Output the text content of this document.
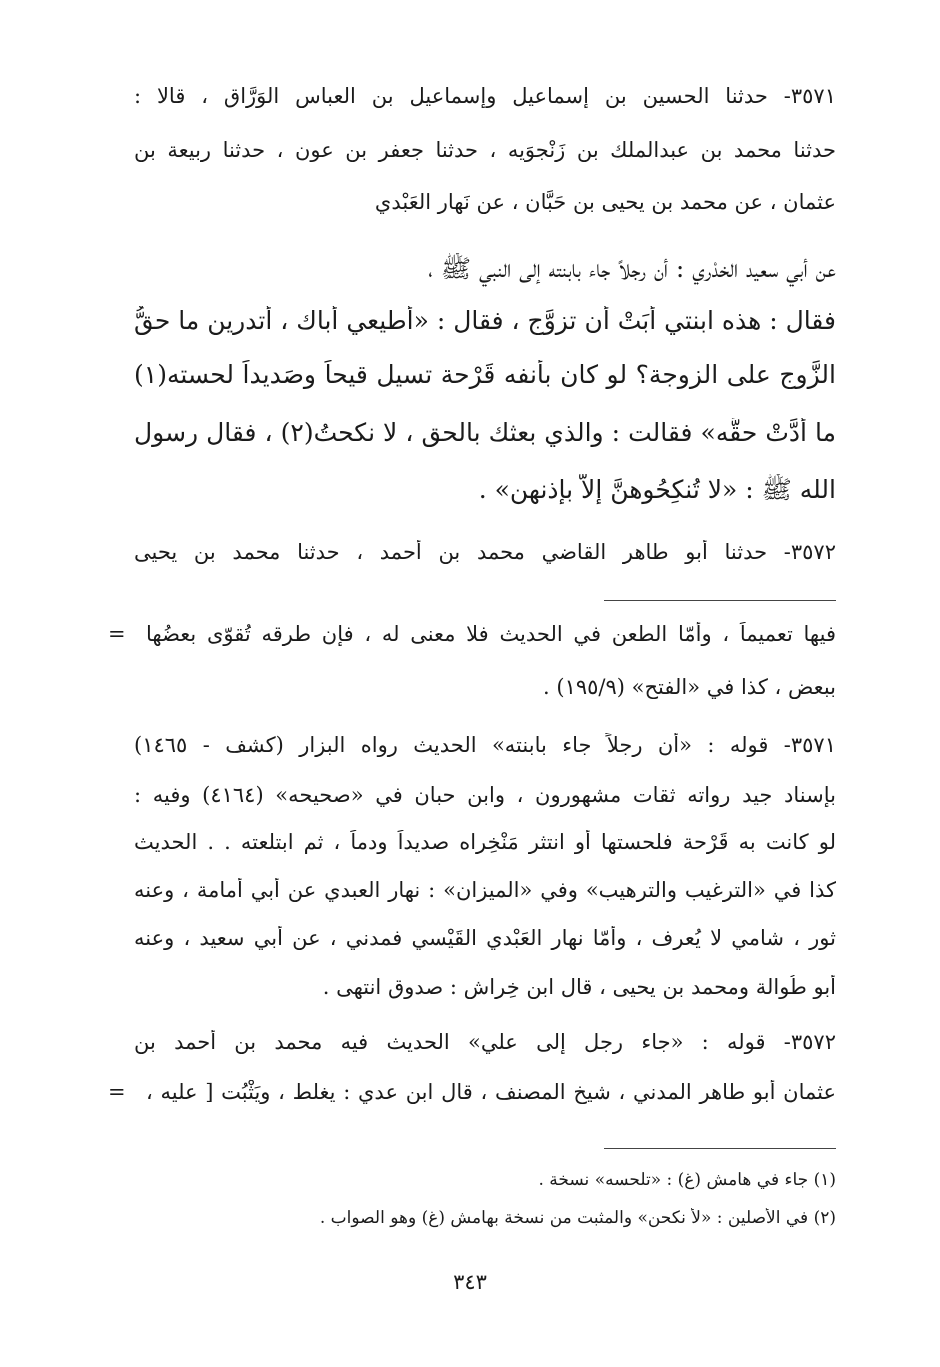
٣٥٧١- حدثنا الحسين بن إسماعيل وإسماعيل بن العباس الوَرَّاق ، قالا :
حدثنا محمد بن عبدالملك بن زَنْجوَيه ، حدثنا جعفر بن عون ، حدثنا ربيعة بن
عثمان ، عن محمد بن يحيى بن حَبَّان ، عن نَهار العَبْدي
عن أبي سعيد الخدْري : أن رجلاً جاء بابنته إلى النبي ﷺ ،
فقال : هذه ابنتي أبَتْ أن تزوَّج ، فقال : «أطيعي أباك ، أتدرين ما حقُّ
الزَّوج على الزوجة؟ لو كان بأنفه قَرْحة تسيل قيحاً وصَديداً لحسته(١)
ما أدَّتْ حقَّه» فقالت : والذي بعثك بالحق ، لا نكحتُ(٢) ، فقال رسول
الله ﷺ : «لا تُنكِحُوهنَّ إلاَّ بإذنهن» .
٣٥٧٢- حدثنا أبو طاهر القاضي محمد بن أحمد ، حدثنا محمد بن يحيى
= فيها تعميماً ، وأمّا الطعن في الحديث فلا معنى له ، فإن طرقه تُقوّى بعضُها
ببعض ، كذا في «الفتح» (١٩٥/٩) .
٣٥٧١- قوله : «أن رجلاً جاء بابنته» الحديث رواه البزار (كشف - ١٤٦٥)
بإسناد جيد رواته ثقات مشهورون ، وابن حبان في «صحيحه» (٤١٦٤) وفيه :
لو كانت به قَرْحة فلحستها أو انتثر مَنْخِراه صديداً ودماً ، ثم ابتلعته . . الحديث
كذا في «الترغيب والترهيب» وفي «الميزان» : نهار العبدي عن أبي أمامة ، وعنه
ثور ، شامي لا يُعرف ، وأمّا نهار العَبْدي القَيْسي فمدني ، عن أبي سعيد ، وعنه
أبو طُوالة ومحمد بن يحيى ، قال ابن خِراش : صدوق انتهى .
٣٥٧٢- قوله : «جاء رجل إلى علي» الحديث فيه محمد بن أحمد بن
عثمان أبو طاهر المدني ، شيخ المصنف ، قال ابن عدي : يغلط ، ويَثْبُت [ عليه ،
=
(١) جاء في هامش (غ) : «تلحسه» نسخة .
(٢) في الأصلين : «لأ نكحن» والمثبت من نسخة بهامش (غ) وهو الصواب .
٣٤٣
